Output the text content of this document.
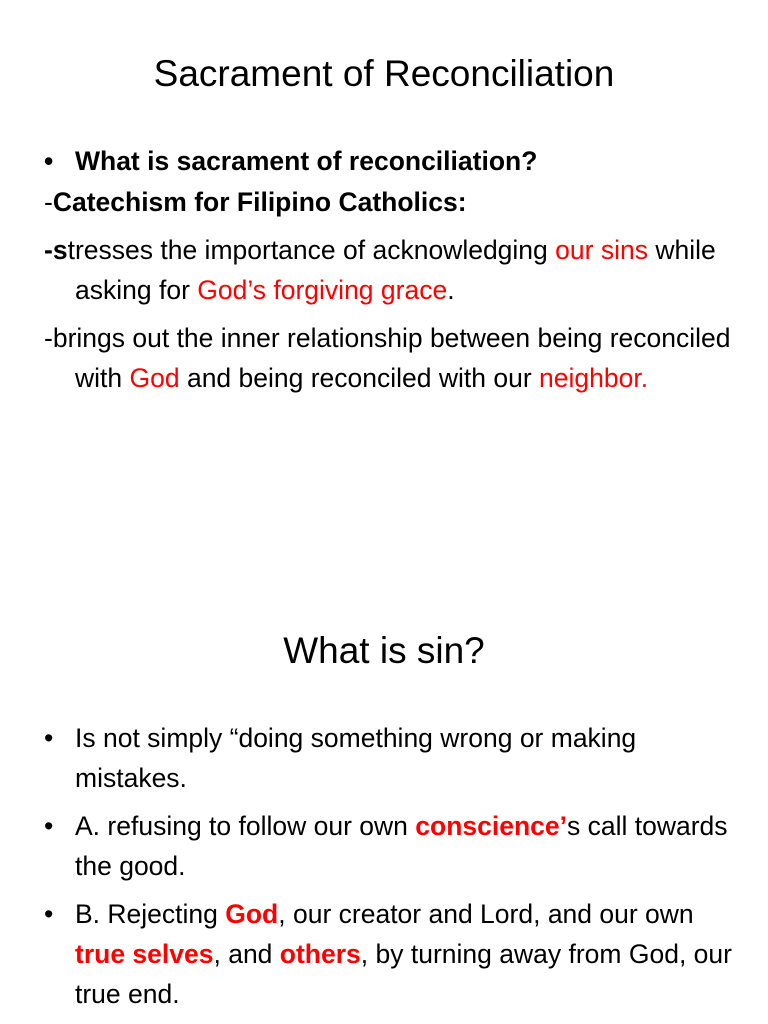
Sacrament of Reconciliation
• What is sacrament of reconciliation?
-Catechism for Filipino Catholics:
-stresses the importance of acknowledging our sins while asking for God’s forgiving grace.
-brings out the inner relationship between being reconciled with God and being reconciled with our neighbor.
What is sin?
• Is not simply “doing something wrong or making mistakes.
• A. refusing to follow our own conscience’s call towards the good.
• B. Rejecting God, our creator and Lord, and our own true selves, and others, by turning away from God, our true end.
